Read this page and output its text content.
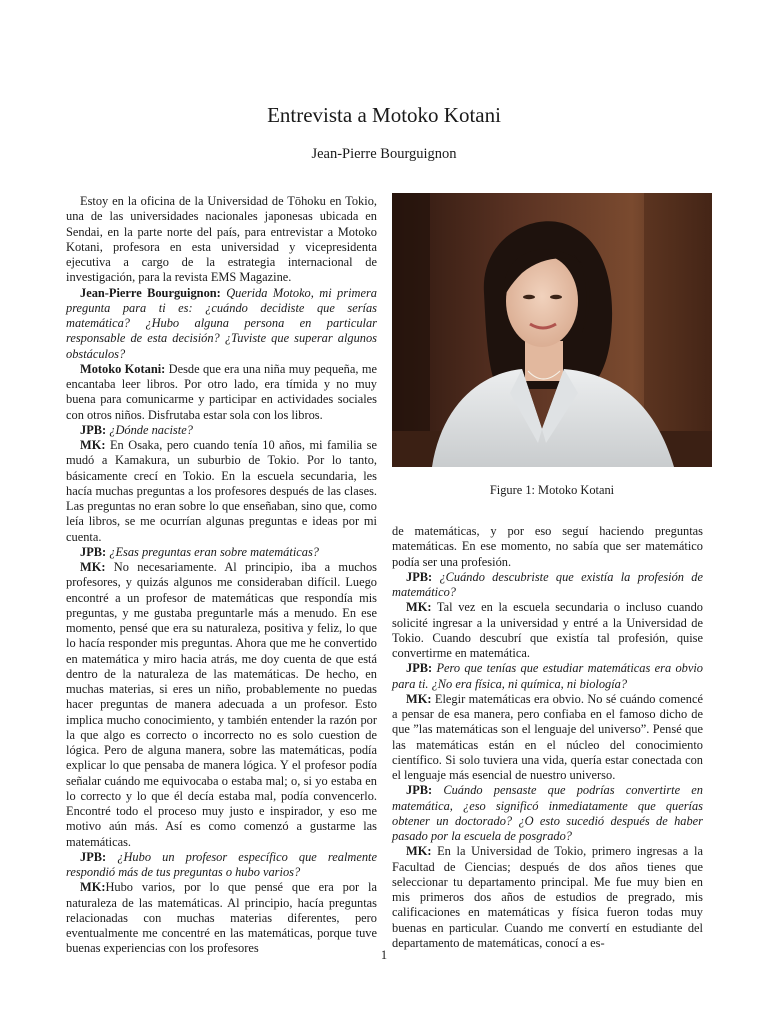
Entrevista a Motoko Kotani
Jean-Pierre Bourguignon

Estoy en la oficina de la Universidad de Tōhoku en Tokio, una de las universidades nacionales japonesas ubicada en Sendai, en la parte norte del país, para entrevistar a Motoko Kotani, profesora en esta universidad y vicepresidenta ejecutiva a cargo de la estrategia internacional de investigación, para la revista EMS Magazine.

Jean-Pierre Bourguignon: Querida Motoko, mi primera pregunta para ti es: ¿cuándo decidiste que serías matemática? ¿Hubo alguna persona en particular responsable de esta decisión? ¿Tuviste que superar algunos obstáculos?

Motoko Kotani: Desde que era una niña muy pequeña, me encantaba leer libros. Por otro lado, era tímida y no muy buena para comunicarme y participar en actividades sociales con otros niños. Disfrutaba estar sola con los libros.

JPB: ¿Dónde naciste?

MK: En Osaka, pero cuando tenía 10 años, mi familia se mudó a Kamakura, un suburbio de Tokio. Por lo tanto, básicamente crecí en Tokio. En la escuela secundaria, les hacía muchas preguntas a los profesores después de las clases. Las preguntas no eran sobre lo que enseñaban, sino que, como leía libros, se me ocurrían algunas preguntas e ideas por mi cuenta.

JPB: ¿Esas preguntas eran sobre matemáticas?

MK: No necesariamente. Al principio, iba a muchos profesores, y quizás algunos me consideraban difícil. Luego encontré a un profesor de matemáticas que respondía mis preguntas, y me gustaba preguntarle más a menudo. En ese momento, pensé que era su naturaleza, positiva y feliz, lo que lo hacía responder mis preguntas. Ahora que me he convertido en matemática y miro hacia atrás, me doy cuenta de que está dentro de la naturaleza de las matemáticas. De hecho, en muchas materias, si eres un niño, probablemente no puedas hacer preguntas de manera adecuada a un profesor. Esto implica mucho conocimiento, y también entender la razón por la que algo es correcto o incorrecto no es solo cuestion de lógica. Pero de alguna manera, sobre las matemáticas, podía explicar lo que pensaba de manera lógica. Y el profesor podía señalar cuándo me equivocaba o estaba mal; o, si yo estaba en lo correcto y lo que él decía estaba mal, podía convencerlo. Encontré todo el proceso muy justo e inspirador, y eso me motivo aún más. Así es como comenzó a gustarme las matemáticas.

JPB: ¿Hubo un profesor específico que realmente respondió más de tus preguntas o hubo varios?

MK:Hubo varios, por lo que pensé que era por la naturaleza de las matemáticas. Al principio, hacía preguntas relacionadas con muchas materias diferentes, pero eventualmente me concentré en las matemáticas, porque tuve buenas experiencias con los profesores

Figure 1: Motoko Kotani

de matemáticas, y por eso seguí haciendo preguntas matemáticas. En ese momento, no sabía que ser matemático podía ser una profesión.

JPB: ¿Cuándo descubriste que existía la profesión de matemático?

MK: Tal vez en la escuela secundaria o incluso cuando solicité ingresar a la universidad y entré a la Universidad de Tokio. Cuando descubrí que existía tal profesión, quise convertirme en matemática.

JPB: Pero que tenías que estudiar matemáticas era obvio para ti. ¿No era física, ni química, ni biología?

MK: Elegir matemáticas era obvio. No sé cuándo comencé a pensar de esa manera, pero confiaba en el famoso dicho de que ”las matemáticas son el lenguaje del universo”. Pensé que las matemáticas están en el núcleo del conocimiento científico. Si solo tuviera una vida, quería estar conectada con el lenguaje más esencial de nuestro universo.

JPB: Cuándo pensaste que podrías convertirte en matemática, ¿eso significó inmediatamente que querías obtener un doctorado? ¿O esto sucedió después de haber pasado por la escuela de posgrado?

MK: En la Universidad de Tokio, primero ingresas a la Facultad de Ciencias; después de dos años tienes que seleccionar tu departamento principal. Me fue muy bien en mis primeros dos años de estudios de pregrado, mis calificaciones en matemáticas y física fueron todas muy buenas en particular. Cuando me convertí en estudiante del departamento de matemáticas, conocí a es-

1
